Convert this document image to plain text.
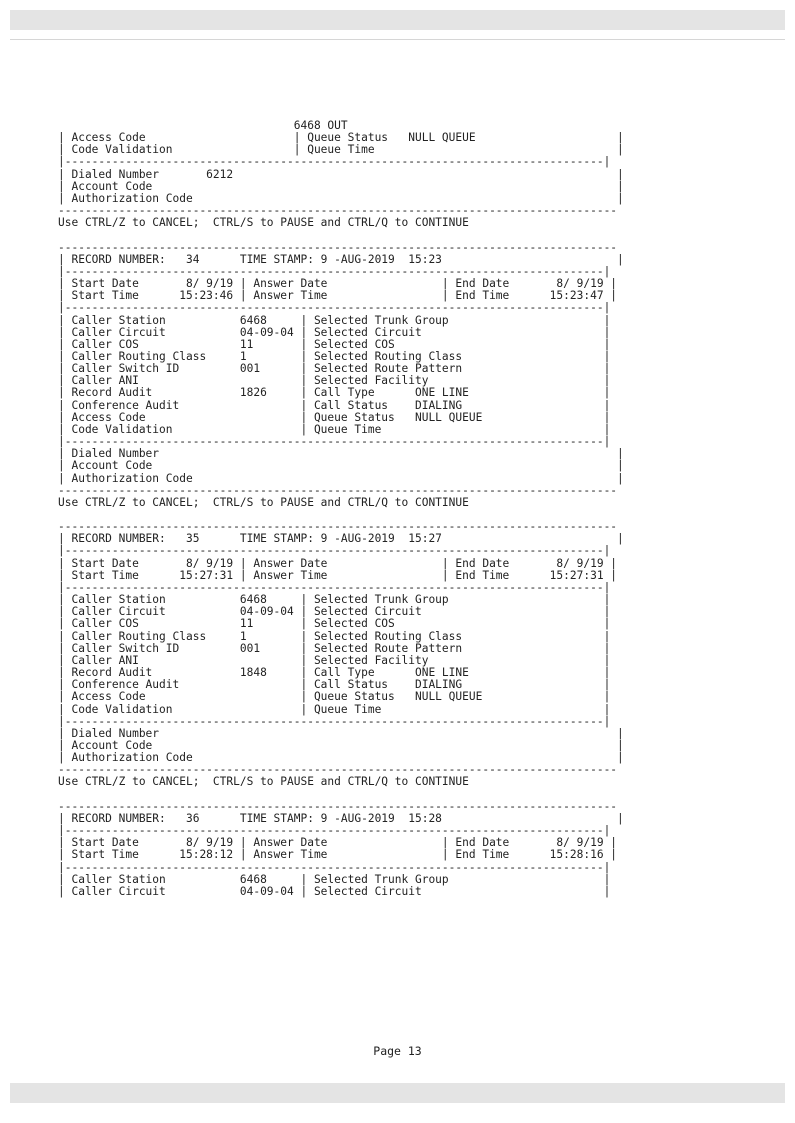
6468 OUT
| Access Code                      | Queue Status   NULL QUEUE                     |
| Code Validation                  | Queue Time                                    |
|--------------------------------------------------------------------------------|
| Dialed Number       6212                                                         |
| Account Code                                                                     |
| Authorization Code                                                               |
-----------------------------------------------------------------------------------
Use CTRL/Z to CANCEL;  CTRL/S to PAUSE and CTRL/Q to CONTINUE

-----------------------------------------------------------------------------------
| RECORD NUMBER:   34      TIME STAMP: 9 -AUG-2019  15:23                          |
|--------------------------------------------------------------------------------|
| Start Date       8/ 9/19 | Answer Date                 | End Date       8/ 9/19 |
| Start Time      15:23:46 | Answer Time                 | End Time      15:23:47 |
|--------------------------------------------------------------------------------|
| Caller Station           6468     | Selected Trunk Group                       |
| Caller Circuit           04-09-04 | Selected Circuit                           |
| Caller COS               11       | Selected COS                               |
| Caller Routing Class     1        | Selected Routing Class                     |
| Caller Switch ID         001      | Selected Route Pattern                     |
| Caller ANI                        | Selected Facility                          |
| Record Audit             1826     | Call Type      ONE LINE                    |
| Conference Audit                  | Call Status    DIALING                     |
| Access Code                       | Queue Status   NULL QUEUE                  |
| Code Validation                   | Queue Time                                 |
|--------------------------------------------------------------------------------|
| Dialed Number                                                                    |
| Account Code                                                                     |
| Authorization Code                                                               |
-----------------------------------------------------------------------------------
Use CTRL/Z to CANCEL;  CTRL/S to PAUSE and CTRL/Q to CONTINUE

-----------------------------------------------------------------------------------
| RECORD NUMBER:   35      TIME STAMP: 9 -AUG-2019  15:27                          |
|--------------------------------------------------------------------------------|
| Start Date       8/ 9/19 | Answer Date                 | End Date       8/ 9/19 |
| Start Time      15:27:31 | Answer Time                 | End Time      15:27:31 |
|--------------------------------------------------------------------------------|
| Caller Station           6468     | Selected Trunk Group                       |
| Caller Circuit           04-09-04 | Selected Circuit                           |
| Caller COS               11       | Selected COS                               |
| Caller Routing Class     1        | Selected Routing Class                     |
| Caller Switch ID         001      | Selected Route Pattern                     |
| Caller ANI                        | Selected Facility                          |
| Record Audit             1848     | Call Type      ONE LINE                    |
| Conference Audit                  | Call Status    DIALING                     |
| Access Code                       | Queue Status   NULL QUEUE                  |
| Code Validation                   | Queue Time                                 |
|--------------------------------------------------------------------------------|
| Dialed Number                                                                    |
| Account Code                                                                     |
| Authorization Code                                                               |
-----------------------------------------------------------------------------------
Use CTRL/Z to CANCEL;  CTRL/S to PAUSE and CTRL/Q to CONTINUE

-----------------------------------------------------------------------------------
| RECORD NUMBER:   36      TIME STAMP: 9 -AUG-2019  15:28                          |
|--------------------------------------------------------------------------------|
| Start Date       8/ 9/19 | Answer Date                 | End Date       8/ 9/19 |
| Start Time      15:28:12 | Answer Time                 | End Time      15:28:16 |
|--------------------------------------------------------------------------------|
| Caller Station           6468     | Selected Trunk Group                       |
| Caller Circuit           04-09-04 | Selected Circuit                           |

Page 13
